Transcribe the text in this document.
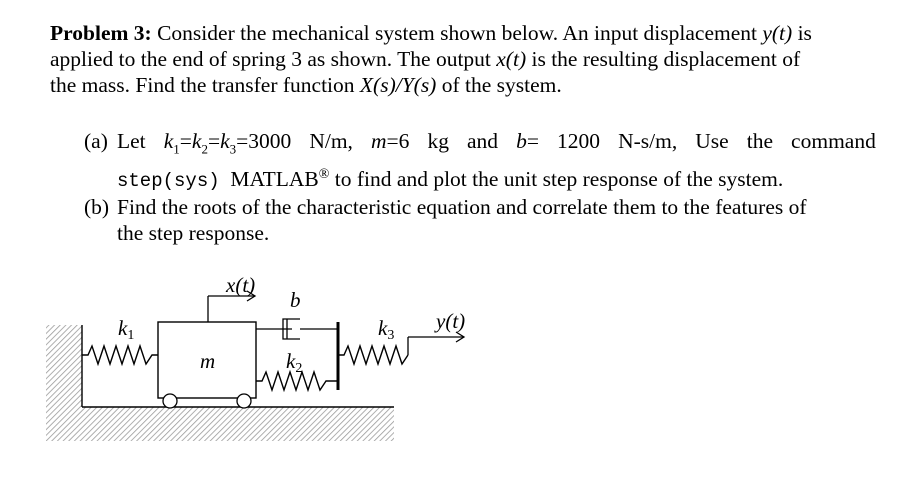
Problem 3: Consider the mechanical system shown below. An input displacement y(t) is
applied to the end of spring 3 as shown. The output x(t) is the resulting displacement of
the mass. Find the transfer function X(s)/Y(s) of the system.
(a) Let $k_1=k_2=k_3=3000$ N/m, m=6 kg and b= 1200 N-s/m, Use the command
step(sys) MATLAB® to find and plot the unit step response of the system.
(b) Find the roots of the characteristic equation and correlate them to the features of
the step response.
k1
m
x(t)
b
k2
k3
y(t)
